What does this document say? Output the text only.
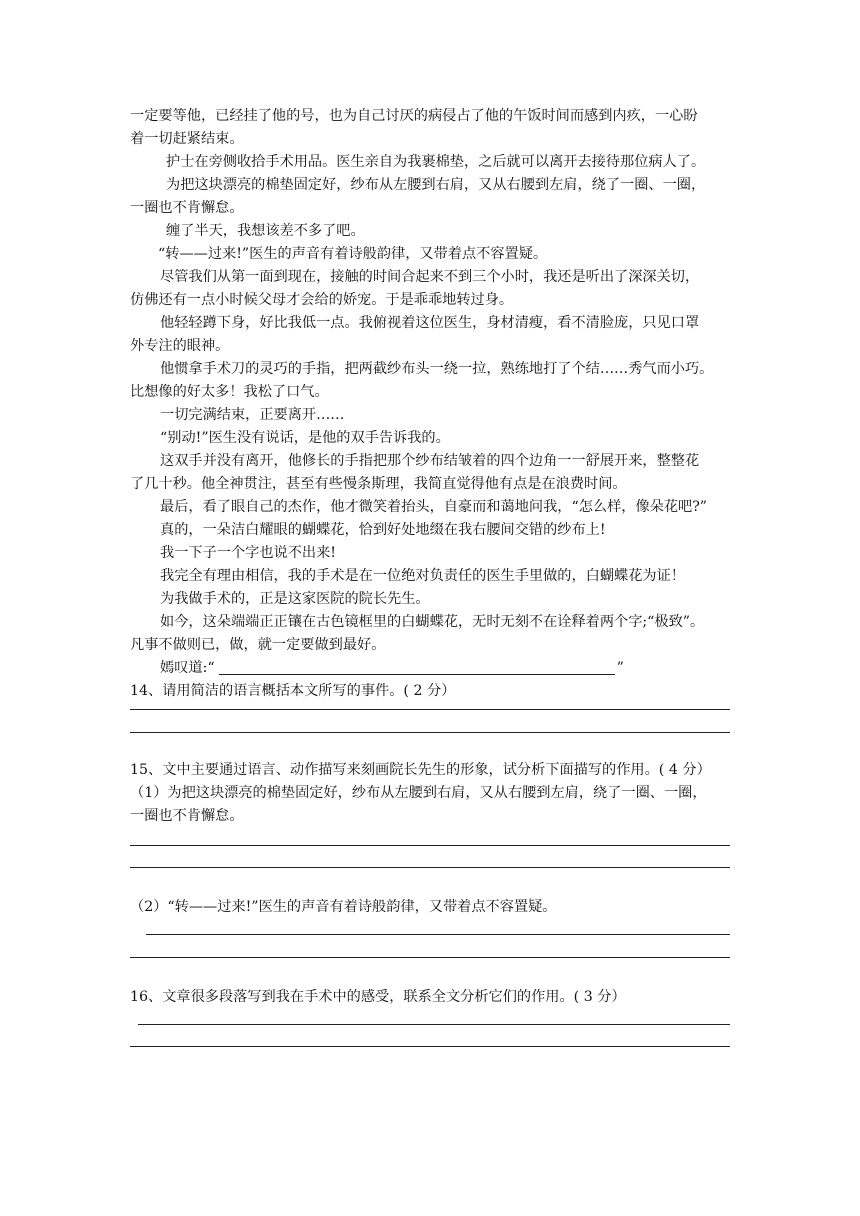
一定要等他，已经挂了他的号，也为自己讨厌的病侵占了他的午饭时间而感到内疚，一心盼
着一切赶紧结束。
护士在旁侧收拾手术用品。医生亲自为我裹棉垫，之后就可以离开去接待那位病人了。
为把这块漂亮的棉垫固定好，纱布从左腰到右肩，又从右腰到左肩，绕了一圈、一圈，
一圈也不肯懈怠。
缠了半天，我想该差不多了吧。
“转——过来!”医生的声音有着诗般韵律，又带着点不容置疑。
尽管我们从第一面到现在，接触的时间合起来不到三个小时，我还是听出了深深关切，
仿佛还有一点小时候父母才会给的娇宠。于是乖乖地转过身。
他轻轻蹲下身，好比我低一点。我俯视着这位医生，身材清瘦，看不清脸庞，只见口罩
外专注的眼神。
他惯拿手术刀的灵巧的手指，把两截纱布头一绕一拉，熟练地打了个结……秀气而小巧。
比想像的好太多！我松了口气。
一切完满结束，正要离开……
“别动!”医生没有说话，是他的双手告诉我的。
这双手并没有离开，他修长的手指把那个纱布结皱着的四个边角一一舒展开来，整整花
了几十秒。他全神贯注，甚至有些慢条斯理，我简直觉得他有点是在浪费时间。
最后，看了眼自己的杰作，他才微笑着抬头，自豪而和蔼地问我，“怎么样，像朵花吧?”
真的，一朵洁白耀眼的蝴蝶花，恰到好处地缀在我右腰间交错的纱布上!
我一下子一个字也说不出来!
我完全有理由相信，我的手术是在一位绝对负责任的医生手里做的，白蝴蝶花为证！
为我做手术的，正是这家医院的院长先生。
如今，这朵端端正正镶在古色镜框里的白蝴蝶花，无时无刻不在诠释着两个字;“极致”。
凡事不做则已，做，就一定要做到最好。
嫣叹道:“	”
14、请用简洁的语言概括本文所写的事件。( 2 分）
15、文中主要通过语言、动作描写来刻画院长先生的形象，试分析下面描写的作用。( 4 分）
（1）为把这块漂亮的棉垫固定好，纱布从左腰到右肩，又从右腰到左肩，绕了一圈、一圈，
一圈也不肯懈怠。
（2）“转——过来!”医生的声音有着诗般韵律，又带着点不容置疑。
16、文章很多段落写到我在手术中的感受，联系全文分析它们的作用。( 3 分）
